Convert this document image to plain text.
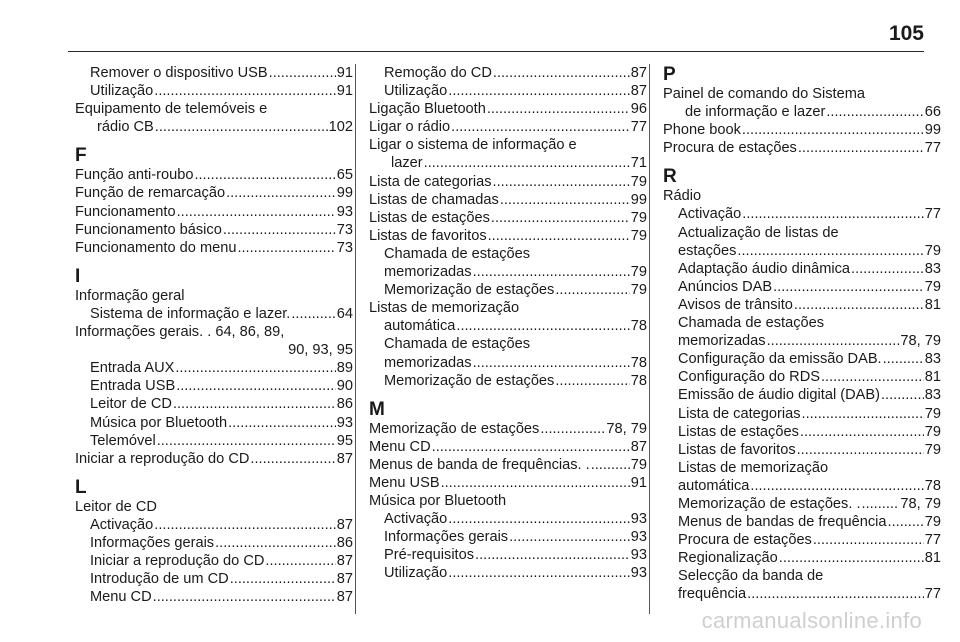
105
Remover o dispositivo USB .....	91
Utilização .....	91
Equipamento de telemóveis e
rádio CB .....	102
F
Função anti-roubo .....	65
Função de remarcação .....	99
Funcionamento .....	93
Funcionamento básico .....	73
Funcionamento do menu .....	73
I
Informação geral
Sistema de informação e lazer. .....	64
Informações gerais. . 64, 86, 89,
90, 93, 95
Entrada AUX .....	89
Entrada USB .....	90
Leitor de CD .....	86
Música por Bluetooth .....	93
Telemóvel .....	95
Iniciar a reprodução do CD .....	87
L
Leitor de CD
Activação .....	87
Informações gerais .....	86
Iniciar a reprodução do CD .....	87
Introdução de um CD .....	87
Menu CD .....	87
Remoção do CD .....	87
Utilização .....	87
Ligação Bluetooth .....	96
Ligar o rádio .....	77
Ligar o sistema de informação e
lazer .....	71
Lista de categorias .....	79
Listas de chamadas .....	99
Listas de estações .....	79
Listas de favoritos .....	79
Chamada de estações
memorizadas .....	79
Memorização de estações .....	79
Listas de memorização
automática .....	78
Chamada de estações
memorizadas .....	78
Memorização de estações .....	78
M
Memorização de estações .....	78, 79
Menu CD .....	87
Menus de banda de frequências. . .....	79
Menu USB .....	91
Música por Bluetooth
Activação .....	93
Informações gerais .....	93
Pré-requisitos .....	93
Utilização .....	93
P
Painel de comando do Sistema
de informação e lazer .....	66
Phone book .....	99
Procura de estações .....	77
R
Rádio
Activação .....	77
Actualização de listas de
estações .....	79
Adaptação áudio dinâmica .....	83
Anúncios DAB .....	79
Avisos de trânsito .....	81
Chamada de estações
memorizadas .....	78, 79
Configuração da emissão DAB. .....	83
Configuração do RDS .....	81
Emissão de áudio digital (DAB) .....	83
Lista de categorias .....	79
Listas de estações .....	79
Listas de favoritos .....	79
Listas de memorização
automática .....	78
Memorização de estações. . .....	78, 79
Menus de bandas de frequência .....	79
Procura de estações .....	77
Regionalização .....	81
Selecção da banda de
frequência .....	77
carmanualsonline.info
